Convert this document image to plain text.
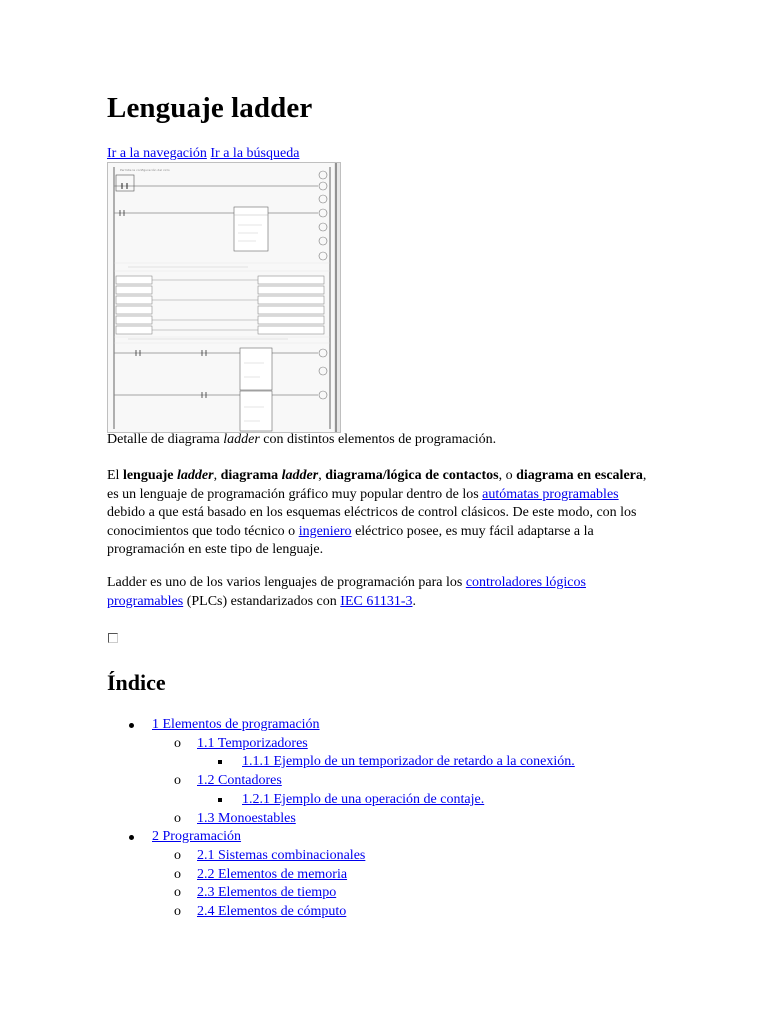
Lenguaje ladder
Ir a la navegación Ir a la búsqueda
Permite la configuración del ciclo
Detalle de diagrama ladder con distintos elementos de programación.

El lenguaje ladder, diagrama ladder, diagrama/lógica de contactos, o diagrama en escalera, es un lenguaje de programación gráfico muy popular dentro de los autómatas programables debido a que está basado en los esquemas eléctricos de control clásicos. De este modo, con los conocimientos que todo técnico o ingeniero eléctrico posee, es muy fácil adaptarse a la programación en este tipo de lenguaje.

Ladder es uno de los varios lenguajes de programación para los controladores lógicos programables (PLCs) estandarizados con IEC 61131-3.

Índice
1 Elementos de programación
o 1.1 Temporizadores
1.1.1 Ejemplo de un temporizador de retardo a la conexión.
o 1.2 Contadores
1.2.1 Ejemplo de una operación de contaje.
o 1.3 Monoestables
2 Programación
o 2.1 Sistemas combinacionales
o 2.2 Elementos de memoria
o 2.3 Elementos de tiempo
o 2.4 Elementos de cómputo
